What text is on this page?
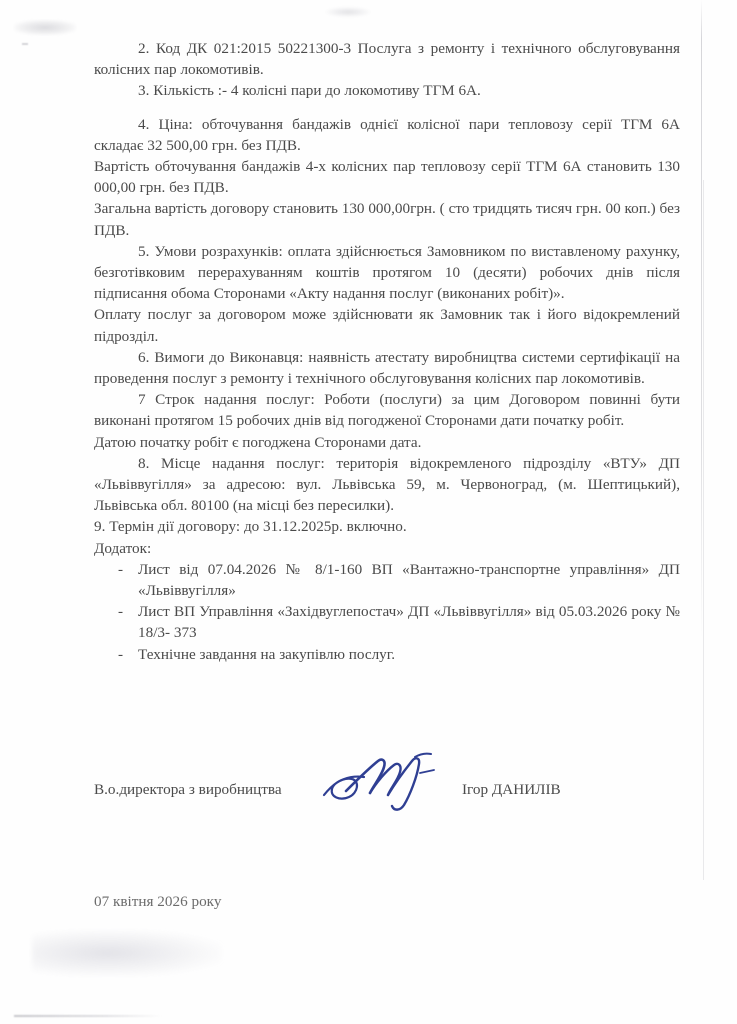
2. Код ДК 021:2015 50221300-3 Послуга з ремонту і технічного обслуговування колісних пар локомотивів.

3. Кількість :- 4 колісні пари до локомотиву ТГМ 6А.

4. Ціна: обточування бандажів однієї колісної пари тепловозу серії ТГМ 6А складає 32 500,00 грн. без ПДВ.

Вартість обточування бандажів 4-х колісних пар тепловозу серії ТГМ 6А становить 130 000,00 грн. без ПДВ.

Загальна вартість договору становить 130 000,00грн. ( сто тридцять тисяч грн. 00 коп.) без ПДВ.

5. Умови розрахунків: оплата здійснюється Замовником по виставленому рахунку, безготівковим перерахуванням коштів протягом 10 (десяти) робочих днів після підписання обома Сторонами «Акту надання послуг (виконаних робіт)».

Оплату послуг за договором може здійснювати як Замовник так і його відокремлений підрозділ.

6. Вимоги до Виконавця: наявність атестату виробництва системи сертифікації на проведення послуг з ремонту і технічного обслуговування колісних пар локомотивів.

7 Строк надання послуг: Роботи (послуги) за цим Договором повинні бути виконані протягом 15 робочих днів від погодженої Сторонами дати початку робіт.

Датою початку робіт є погоджена Сторонами дата.

8. Місце надання послуг: територія відокремленого підрозділу «ВТУ» ДП «Львіввугілля» за адресою: вул. Львівська 59, м. Червоноград, (м. Шептицький), Львівська обл. 80100 (на місці без пересилки).

9. Термін дії договору: до 31.12.2025р. включно.

Додаток:

- Лист від 07.04.2026 № 8/1-160 ВП «Вантажно-транспортне управління» ДП «Львіввугілля»
- Лист ВП Управління «Західвуглепостач» ДП «Львіввугілля» від 05.03.2026 року № 18/3- 373
- Технічне завдання на закупівлю послуг.
В.о.директора з виробництва	Ігор ДАНИЛІВ
07 квітня 2026 року
